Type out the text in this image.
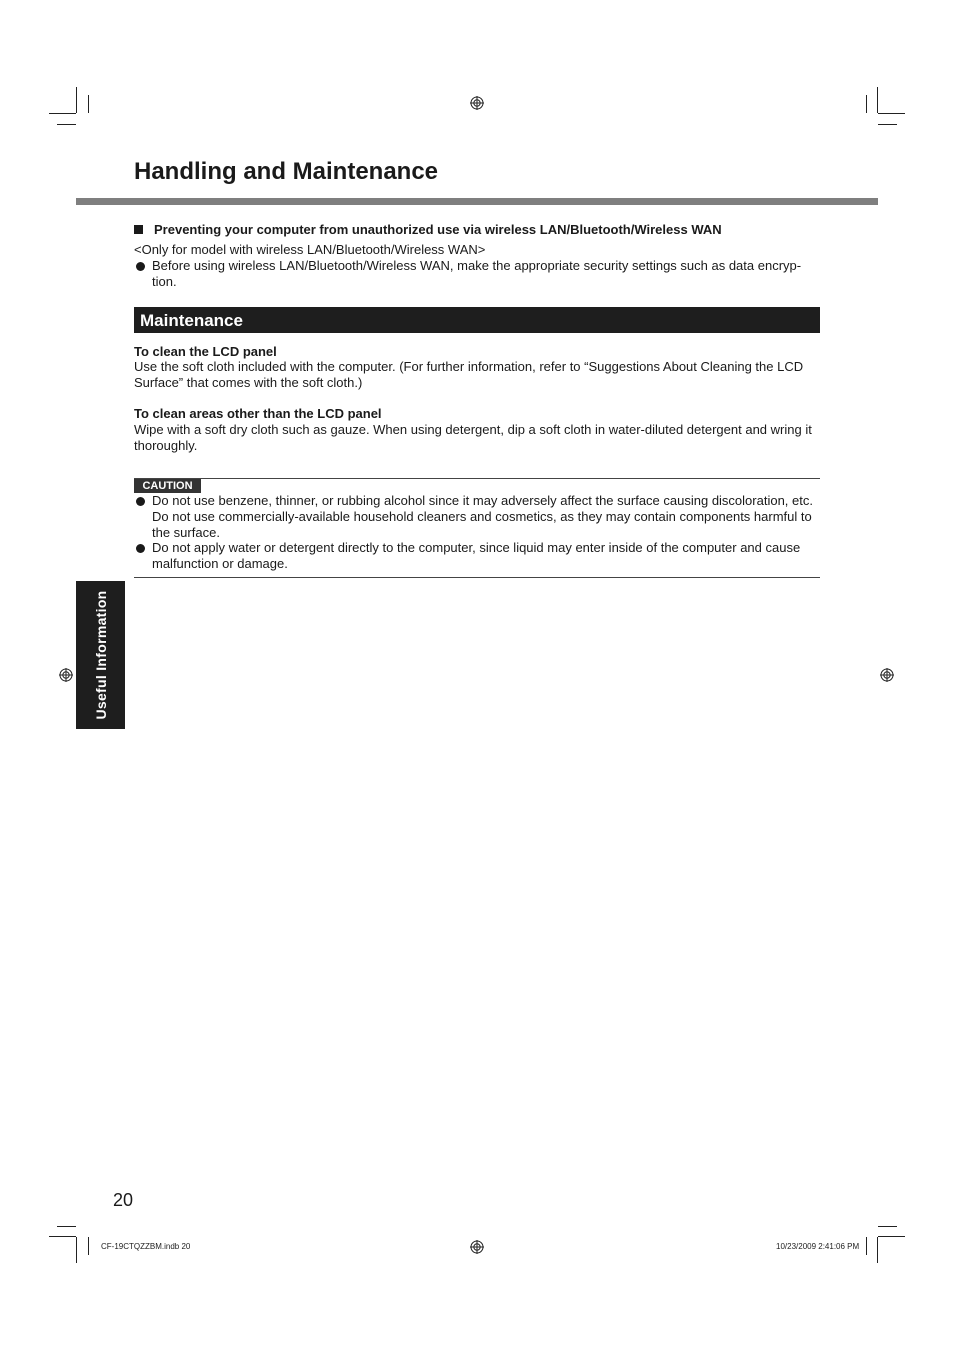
Handling and Maintenance
Preventing your computer from unauthorized use via wireless LAN/Bluetooth/Wireless WAN
<Only for model with wireless LAN/Bluetooth/Wireless WAN>
Before using wireless LAN/Bluetooth/Wireless WAN, make the appropriate security settings such as data encryp-tion.
Maintenance
To clean the LCD panel
Use the soft cloth included with the computer. (For further information, refer to “Suggestions About Cleaning the LCD Surface” that comes with the soft cloth.)
To clean areas other than the LCD panel
Wipe with a soft dry cloth such as gauze. When using detergent, dip a soft cloth in water-diluted detergent and wring it thoroughly.
CAUTION
Do not use benzene, thinner, or rubbing alcohol since it may adversely affect the surface causing discoloration, etc. Do not use commercially-available household cleaners and cosmetics, as they may contain components harmful to the surface.
Do not apply water or detergent directly to the computer, since liquid may enter inside of the computer and cause malfunction or damage.
Useful Information
20
CF-19CTQZZBM.indb 20	10/23/2009 2:41:06 PM
